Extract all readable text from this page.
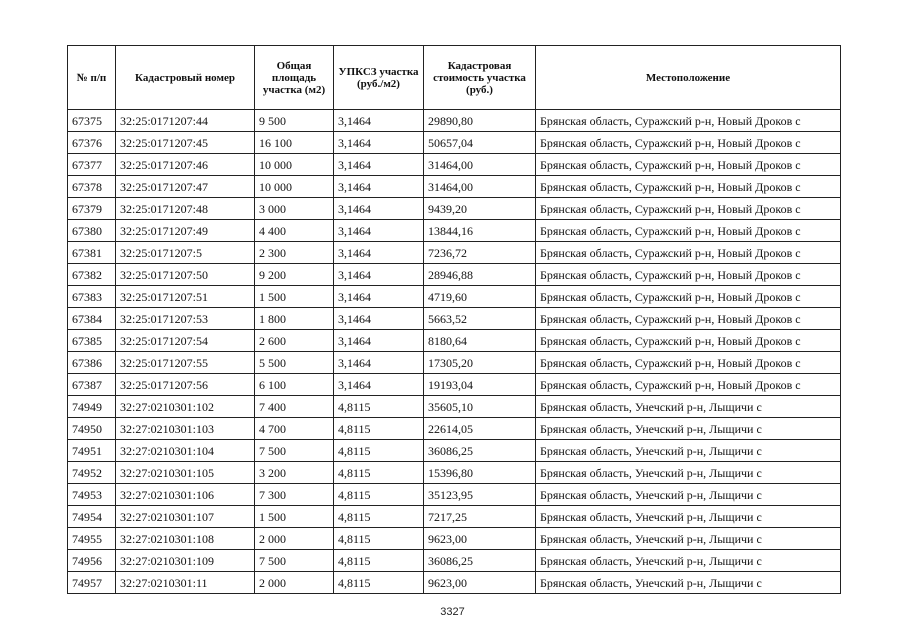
№ п/п	Кадастровый номер	Общая площадь участка (м2)	УПКСЗ участка (руб./м2)	Кадастровая стоимость участка (руб.)	Местоположение
67375	32:25:0171207:44	9 500	3,1464	29890,80	Брянская область, Суражский р-н, Новый Дроков с
67376	32:25:0171207:45	16 100	3,1464	50657,04	Брянская область, Суражский р-н, Новый Дроков с
67377	32:25:0171207:46	10 000	3,1464	31464,00	Брянская область, Суражский р-н, Новый Дроков с
67378	32:25:0171207:47	10 000	3,1464	31464,00	Брянская область, Суражский р-н, Новый Дроков с
67379	32:25:0171207:48	3 000	3,1464	9439,20	Брянская область, Суражский р-н, Новый Дроков с
67380	32:25:0171207:49	4 400	3,1464	13844,16	Брянская область, Суражский р-н, Новый Дроков с
67381	32:25:0171207:5	2 300	3,1464	7236,72	Брянская область, Суражский р-н, Новый Дроков с
67382	32:25:0171207:50	9 200	3,1464	28946,88	Брянская область, Суражский р-н, Новый Дроков с
67383	32:25:0171207:51	1 500	3,1464	4719,60	Брянская область, Суражский р-н, Новый Дроков с
67384	32:25:0171207:53	1 800	3,1464	5663,52	Брянская область, Суражский р-н, Новый Дроков с
67385	32:25:0171207:54	2 600	3,1464	8180,64	Брянская область, Суражский р-н, Новый Дроков с
67386	32:25:0171207:55	5 500	3,1464	17305,20	Брянская область, Суражский р-н, Новый Дроков с
67387	32:25:0171207:56	6 100	3,1464	19193,04	Брянская область, Суражский р-н, Новый Дроков с
74949	32:27:0210301:102	7 400	4,8115	35605,10	Брянская область, Унечский р-н, Лыщичи с
74950	32:27:0210301:103	4 700	4,8115	22614,05	Брянская область, Унечский р-н, Лыщичи с
74951	32:27:0210301:104	7 500	4,8115	36086,25	Брянская область, Унечский р-н, Лыщичи с
74952	32:27:0210301:105	3 200	4,8115	15396,80	Брянская область, Унечский р-н, Лыщичи с
74953	32:27:0210301:106	7 300	4,8115	35123,95	Брянская область, Унечский р-н, Лыщичи с
74954	32:27:0210301:107	1 500	4,8115	7217,25	Брянская область, Унечский р-н, Лыщичи с
74955	32:27:0210301:108	2 000	4,8115	9623,00	Брянская область, Унечский р-н, Лыщичи с
74956	32:27:0210301:109	7 500	4,8115	36086,25	Брянская область, Унечский р-н, Лыщичи с
74957	32:27:0210301:11	2 000	4,8115	9623,00	Брянская область, Унечский р-н, Лыщичи с
3327
